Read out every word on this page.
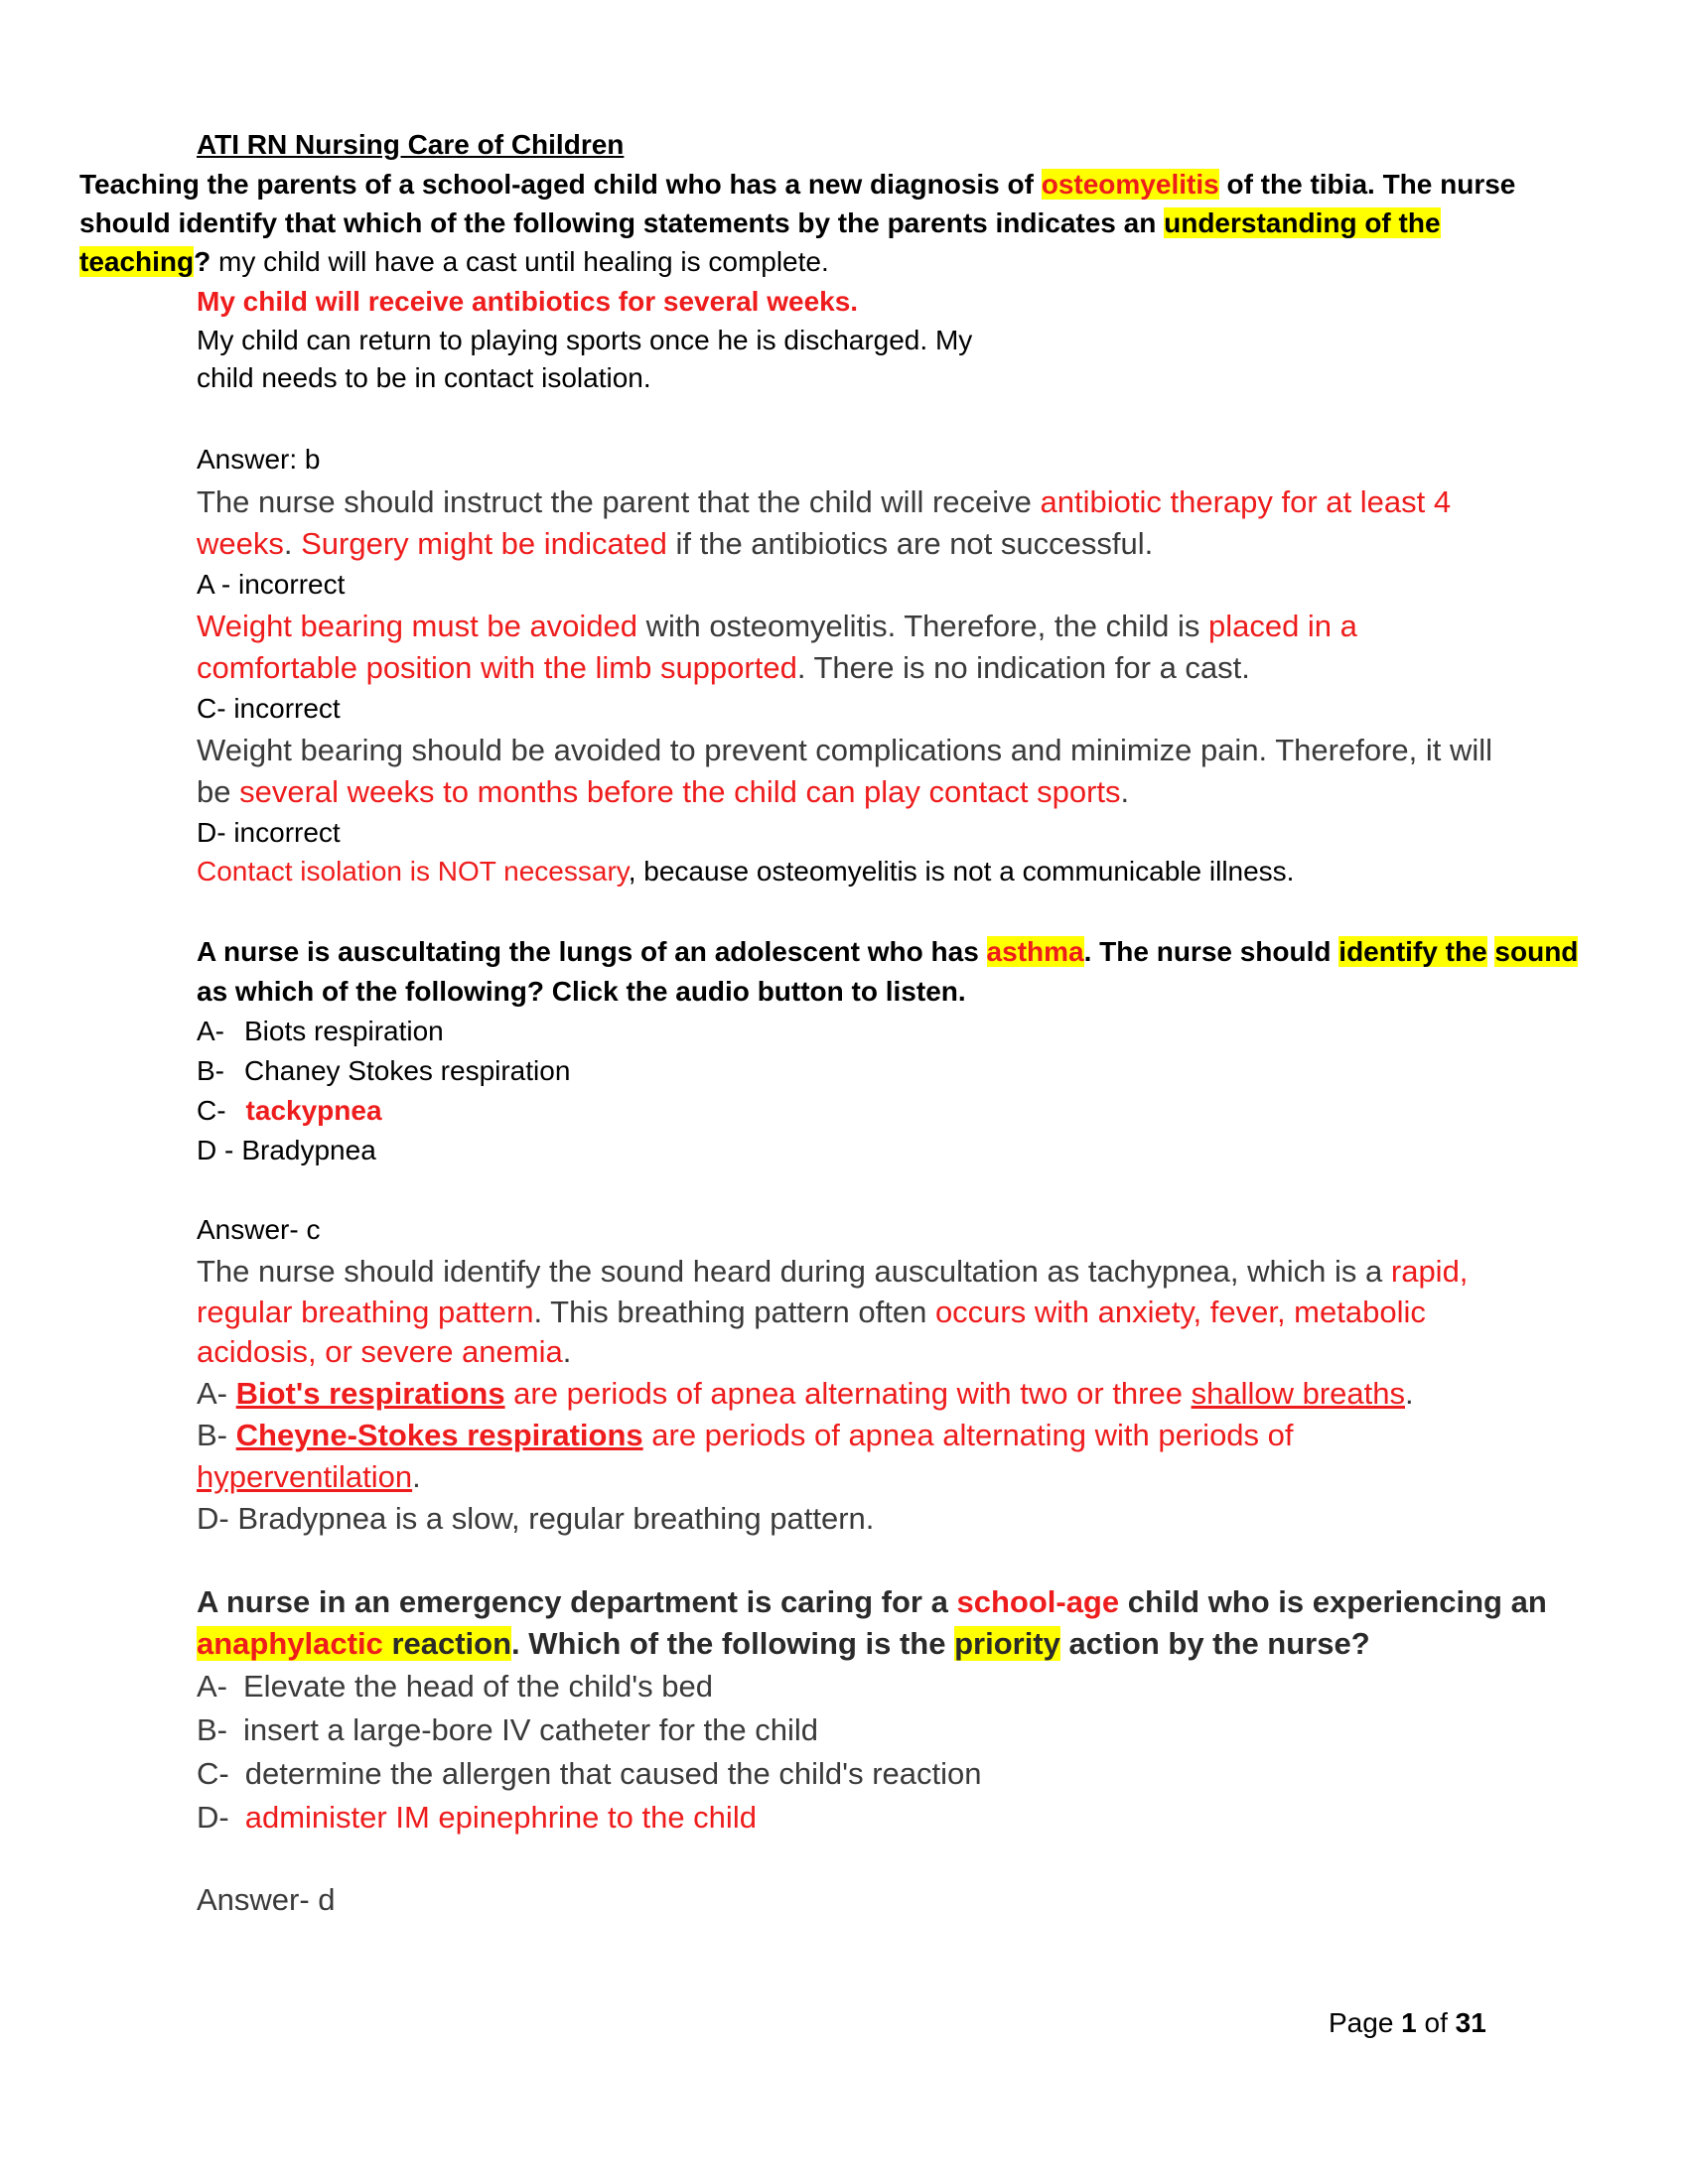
ATI RN Nursing Care of Children
Teaching the parents of a school-aged child who has a new diagnosis of osteomyelitis of the tibia. The nurse
should identify that which of the following statements by the parents indicates an understanding of the
teaching? my child will have a cast until healing is complete.
My child will receive antibiotics for several weeks.
My child can return to playing sports once he is discharged. My
child needs to be in contact isolation.
Answer: b
The nurse should instruct the parent that the child will receive antibiotic therapy for at least 4
weeks. Surgery might be indicated if the antibiotics are not successful.
A - incorrect
Weight bearing must be avoided with osteomyelitis. Therefore, the child is placed in a
comfortable position with the limb supported. There is no indication for a cast.
C- incorrect
Weight bearing should be avoided to prevent complications and minimize pain. Therefore, it will
be several weeks to months before the child can play contact sports.
D- incorrect
Contact isolation is NOT necessary, because osteomyelitis is not a communicable illness.
A nurse is auscultating the lungs of an adolescent who has asthma. The nurse should identify the sound
as which of the following? Click the audio button to listen.
A- Biots respiration
B- Chaney Stokes respiration
C- tackypnea
D - Bradypnea
Answer- c
The nurse should identify the sound heard during auscultation as tachypnea, which is a rapid,
regular breathing pattern. This breathing pattern often occurs with anxiety, fever, metabolic
acidosis, or severe anemia.
A- Biot's respirations are periods of apnea alternating with two or three shallow breaths.
B- Cheyne-Stokes respirations are periods of apnea alternating with periods of
hyperventilation.
D- Bradypnea is a slow, regular breathing pattern.
A nurse in an emergency department is caring for a school-age child who is experiencing an
anaphylactic reaction. Which of the following is the priority action by the nurse?
A- Elevate the head of the child's bed
B- insert a large-bore IV catheter for the child
C- determine the allergen that caused the child's reaction
D- administer IM epinephrine to the child
Answer- d
Page 1 of 31
